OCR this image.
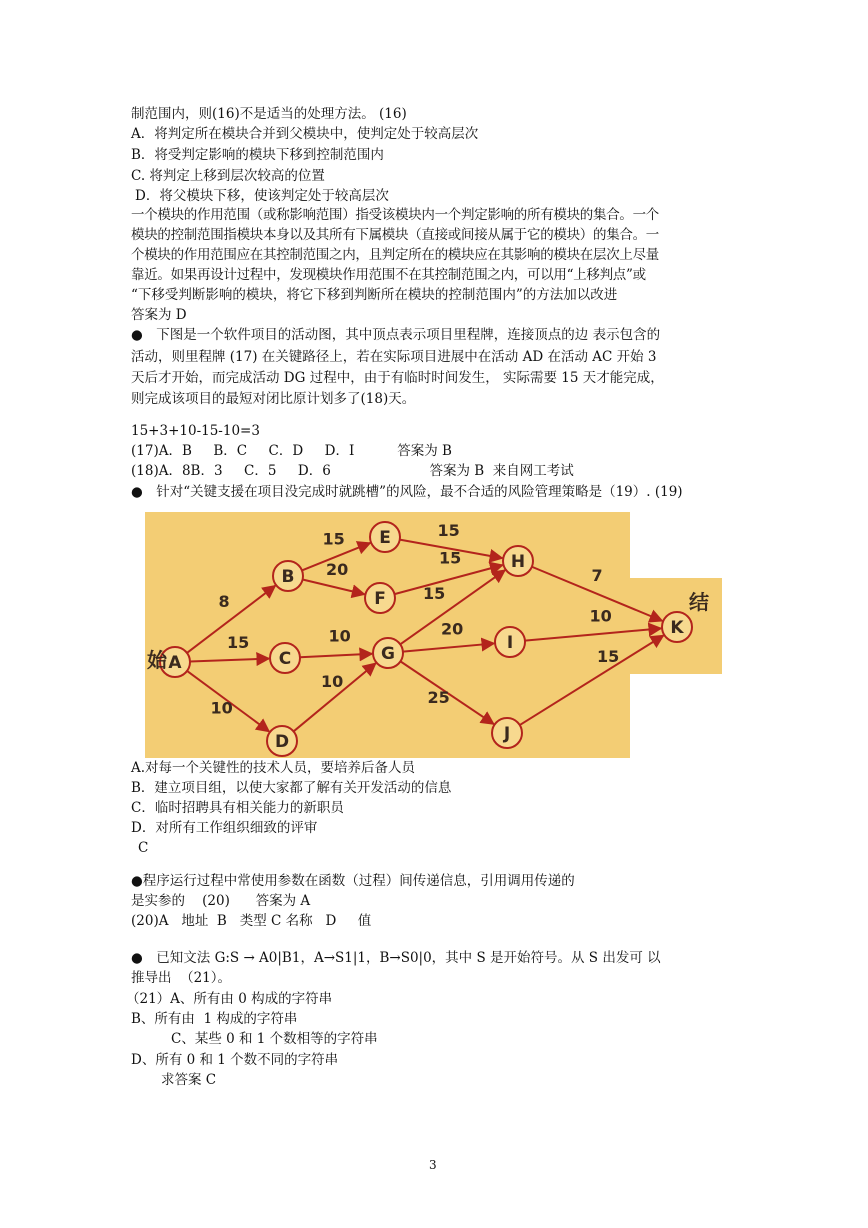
制范围内，则(16)不是适当的处理方法。 (16)
A．将判定所在模块合并到父模块中，使判定处于较高层次
B．将受判定影响的模块下移到控制范围内
C. 将判定上移到层次较高的位置
D．将父模块下移，使该判定处于较高层次
一个模块的作用范围（或称影响范围）指受该模块内一个判定影响的所有模块的集合。一个
模块的控制范围指模块本身以及其所有下属模块（直接或间接从属于它的模块）的集合。一
个模块的作用范围应在其控制范围之内，且判定所在的模块应在其影响的模块在层次上尽量
靠近。如果再设计过程中，发现模块作用范围不在其控制范围之内，可以用“上移判点”或
“下移受判断影响的模块，将它下移到判断所在模块的控制范围内”的方法加以改进
答案为 D
●　下图是一个软件项目的活动图，其中顶点表示项目里程牌，连接顶点的边 表示包含的
活动，则里程牌 (17) 在关键路径上，若在实际项目进展中在活动 AD 在活动 AC 开始 3
天后才开始，而完成活动 DG 过程中，由于有临时时间发生， 实际需要 15 天才能完成，
则完成该项目的最短对闭比原计划多了(18)天。
15+3+10-15-10=3
(17)A．B     B．C     C．D     D．I          答案为 B
(18)A．8B．3     C．5     D．6                       答案为 B  来自网工考试
●　针对“关键支援在项目没完成时就跳槽”的风险，最不合适的风险管理策略是（19）. (19)
8
15
10
15
20
10
10
15
15
15
20
25
7
10
15
A
B
C
D
E
F
G
H
I
J
K
始
结
A.对每一个关键性的技术人员，要培养后备人员
B．建立项目组，以使大家都了解有关开发活动的信息
C．临时招聘具有相关能力的新职员
D．对所有工作组织细致的评审
C
●程序运行过程中常使用参数在函数（过程）间传递信息，引用调用传递的
是实参的    (20)      答案为 A
(20)A   地址  B   类型 C 名称   D     值
●　已知文法 G:S → A0|B1，A→S1|1，B→S0|0，其中 S 是开始符号。从 S 出发可 以
推导出  （21）。
（21）A、所有由 0 构成的字符串
B、所有由  1 构成的字符串
C、某些 0 和 1 个数相等的字符串
D、所有 0 和 1 个数不同的字符串
求答案 C
3
